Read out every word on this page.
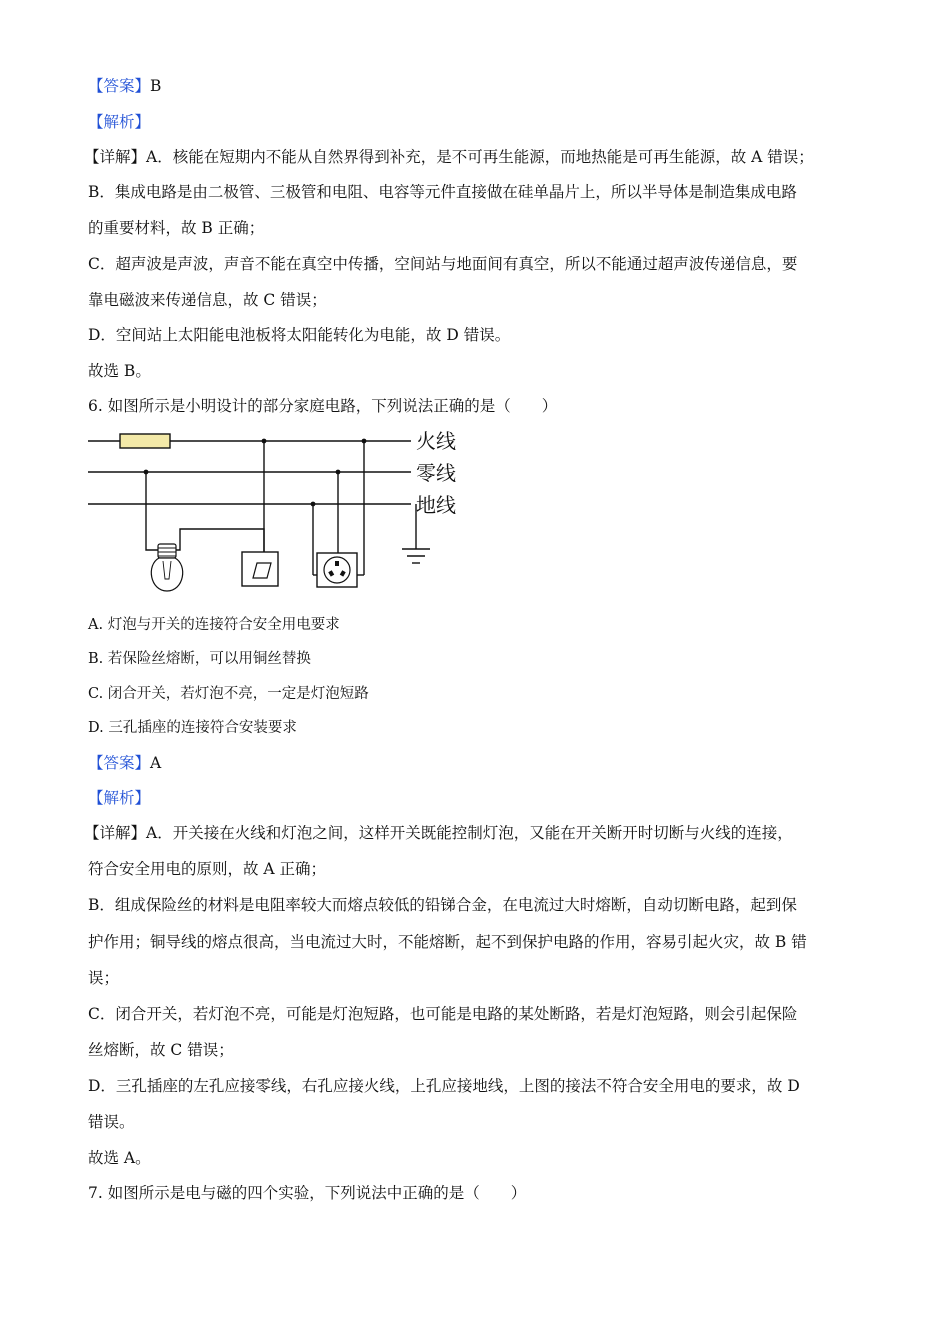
【答案】B
【解析】
【详解】A．核能在短期内不能从自然界得到补充，是不可再生能源，而地热能是可再生能源，故 A 错误；
B．集成电路是由二极管、三极管和电阻、电容等元件直接做在硅单晶片上，所以半导体是制造集成电路
的重要材料，故 B 正确；
C．超声波是声波，声音不能在真空中传播，空间站与地面间有真空，所以不能通过超声波传递信息，要
靠电磁波来传递信息，故 C 错误；
D．空间站上太阳能电池板将太阳能转化为电能，故 D 错误。
故选 B。
6. 如图所示是小明设计的部分家庭电路，下列说法正确的是（　　）
火线
零线
地线
A. 灯泡与开关的连接符合安全用电要求
B. 若保险丝熔断，可以用铜丝替换
C. 闭合开关，若灯泡不亮，一定是灯泡短路
D. 三孔插座的连接符合安装要求
【答案】A
【解析】
【详解】A．开关接在火线和灯泡之间，这样开关既能控制灯泡，又能在开关断开时切断与火线的连接，
符合安全用电的原则，故 A 正确；
B．组成保险丝的材料是电阻率较大而熔点较低的铅锑合金，在电流过大时熔断，自动切断电路，起到保
护作用；铜导线的熔点很高，当电流过大时，不能熔断，起不到保护电路的作用，容易引起火灾，故 B 错
误；
C．闭合开关，若灯泡不亮，可能是灯泡短路，也可能是电路的某处断路，若是灯泡短路，则会引起保险
丝熔断，故 C 错误；
D．三孔插座的左孔应接零线，右孔应接火线，上孔应接地线，上图的接法不符合安全用电的要求，故 D
错误。
故选 A。
7. 如图所示是电与磁的四个实验，下列说法中正确的是（　　）
